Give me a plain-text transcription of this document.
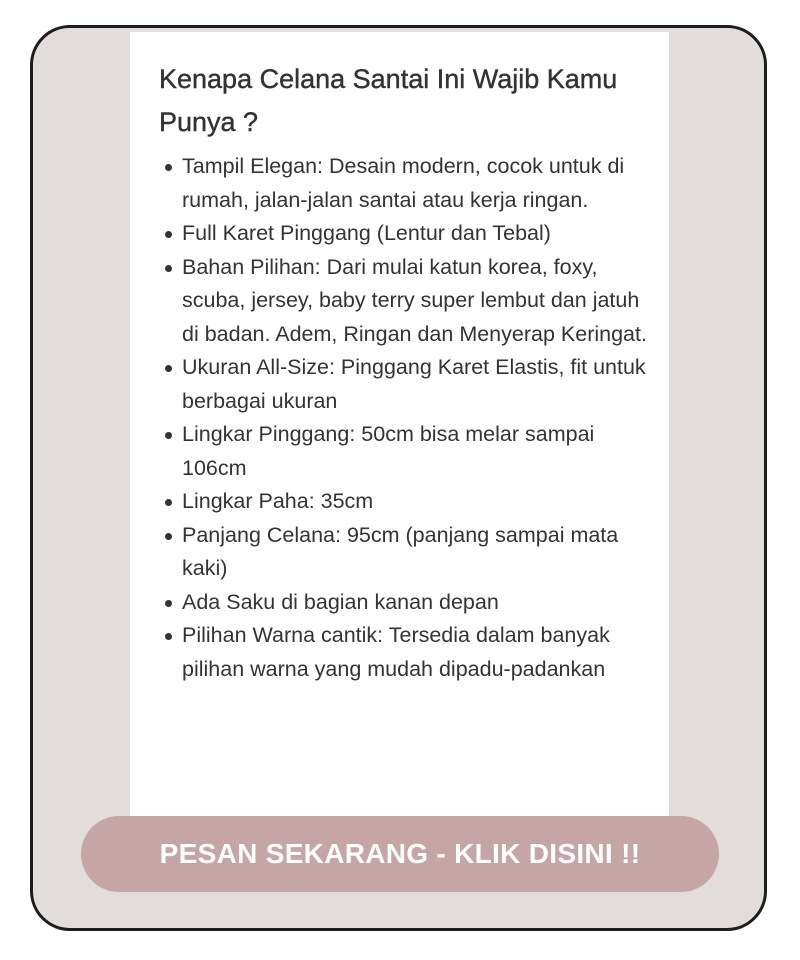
Kenapa Celana Santai Ini Wajib Kamu Punya ?
Tampil Elegan: Desain modern, cocok untuk di rumah, jalan-jalan santai atau kerja ringan.
Full Karet Pinggang (Lentur dan Tebal)
Bahan Pilihan: Dari mulai katun korea, foxy, scuba, jersey, baby terry super lembut dan jatuh di badan. Adem, Ringan dan Menyerap Keringat.
Ukuran All-Size: Pinggang Karet Elastis, fit untuk berbagai ukuran
Lingkar Pinggang: 50cm bisa melar sampai 106cm
Lingkar Paha: 35cm
Panjang Celana: 95cm (panjang sampai mata kaki)
Ada Saku di bagian kanan depan
Pilihan Warna cantik: Tersedia dalam banyak pilihan warna yang mudah dipadu-padankan
PESAN SEKARANG - KLIK DISINI !!
